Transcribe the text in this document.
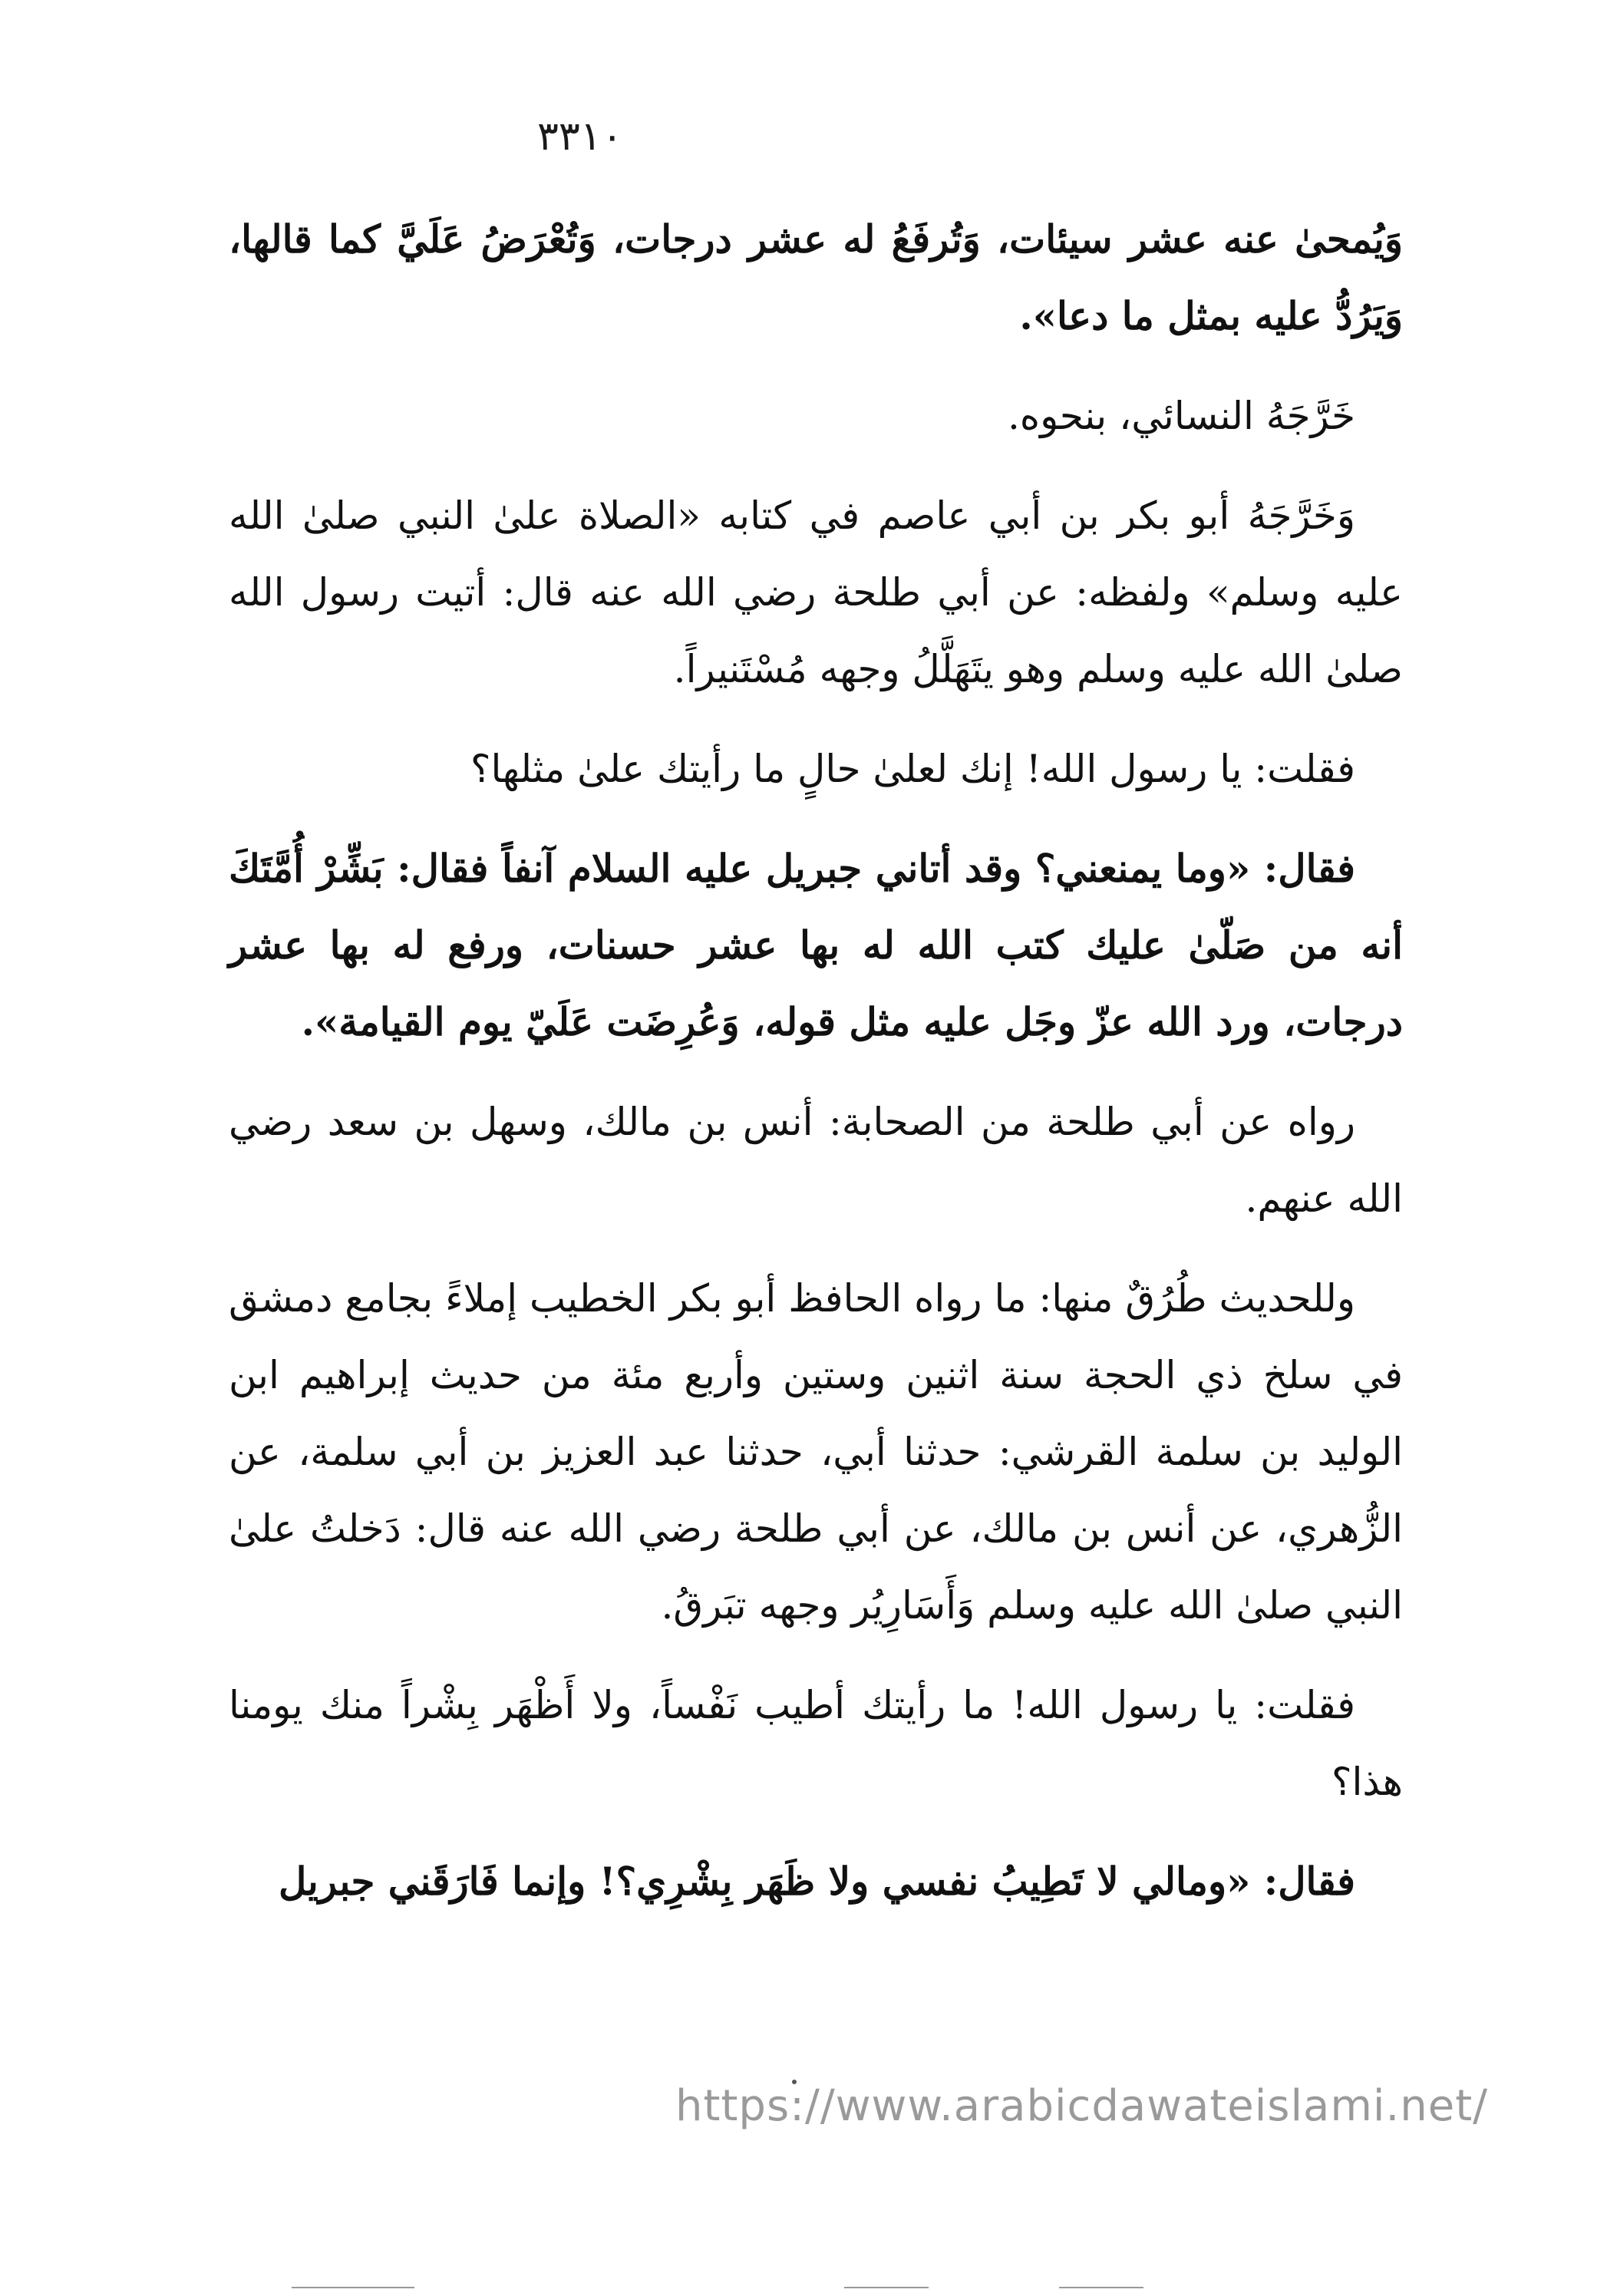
٣٣١٠

وَيُمحىٰ عنه عشر سيئات، وَتُرفَعُ له عشر درجات، وَتُعْرَضُ عَلَيَّ كما قالها، وَيَرُدُّ عليه بمثل ما دعا».

خَرَّجَهُ النسائي، بنحوه.

وَخَرَّجَهُ أبو بكر بن أبي عاصم في كتابه «الصلاة علىٰ النبي صلىٰ الله عليه وسلم» ولفظه: عن أبي طلحة رضي الله عنه قال: أتيت رسول الله صلىٰ الله عليه وسلم وهو يتَهَلَّلُ وجهه مُسْتَنيراً.

فقلت: يا رسول الله! إنك لعلىٰ حالٍ ما رأيتك علىٰ مثلها؟

فقال: «وما يمنعني؟ وقد أتاني جبريل عليه السلام آنفاً فقال: بَشِّرْ أُمَّتَكَ أنه من صَلّىٰ عليك كتب الله له بها عشر حسنات، ورفع له بها عشر درجات، ورد الله عزّ وجَل عليه مثل قوله، وَعُرِضَت عَلَيّ يوم القيامة».

رواه عن أبي طلحة من الصحابة: أنس بن مالك، وسهل بن سعد رضي الله عنهم.

وللحديث طُرُقٌ منها: ما رواه الحافظ أبو بكر الخطيب إملاءً بجامع دمشق في سلخ ذي الحجة سنة اثنين وستين وأربع مئة من حديث إبراهيم ابن الوليد بن سلمة القرشي: حدثنا أبي، حدثنا عبد العزيز بن أبي سلمة، عن الزُّهري، عن أنس بن مالك، عن أبي طلحة رضي الله عنه قال: دَخلتُ علىٰ النبي صلىٰ الله عليه وسلم وَأَسَارِيُر وجهه تبَرقُ.

فقلت: يا رسول الله! ما رأيتك أطيب نَفْساً، ولا أَظْهَر بِشْراً منك يومنا هذا؟

فقال: «ومالي لا تَطِيبُ نفسي ولا ظَهَر بِشْرِي؟! وإنما فَارَقَني جبريل

https://www.arabicdawateislami.net/
